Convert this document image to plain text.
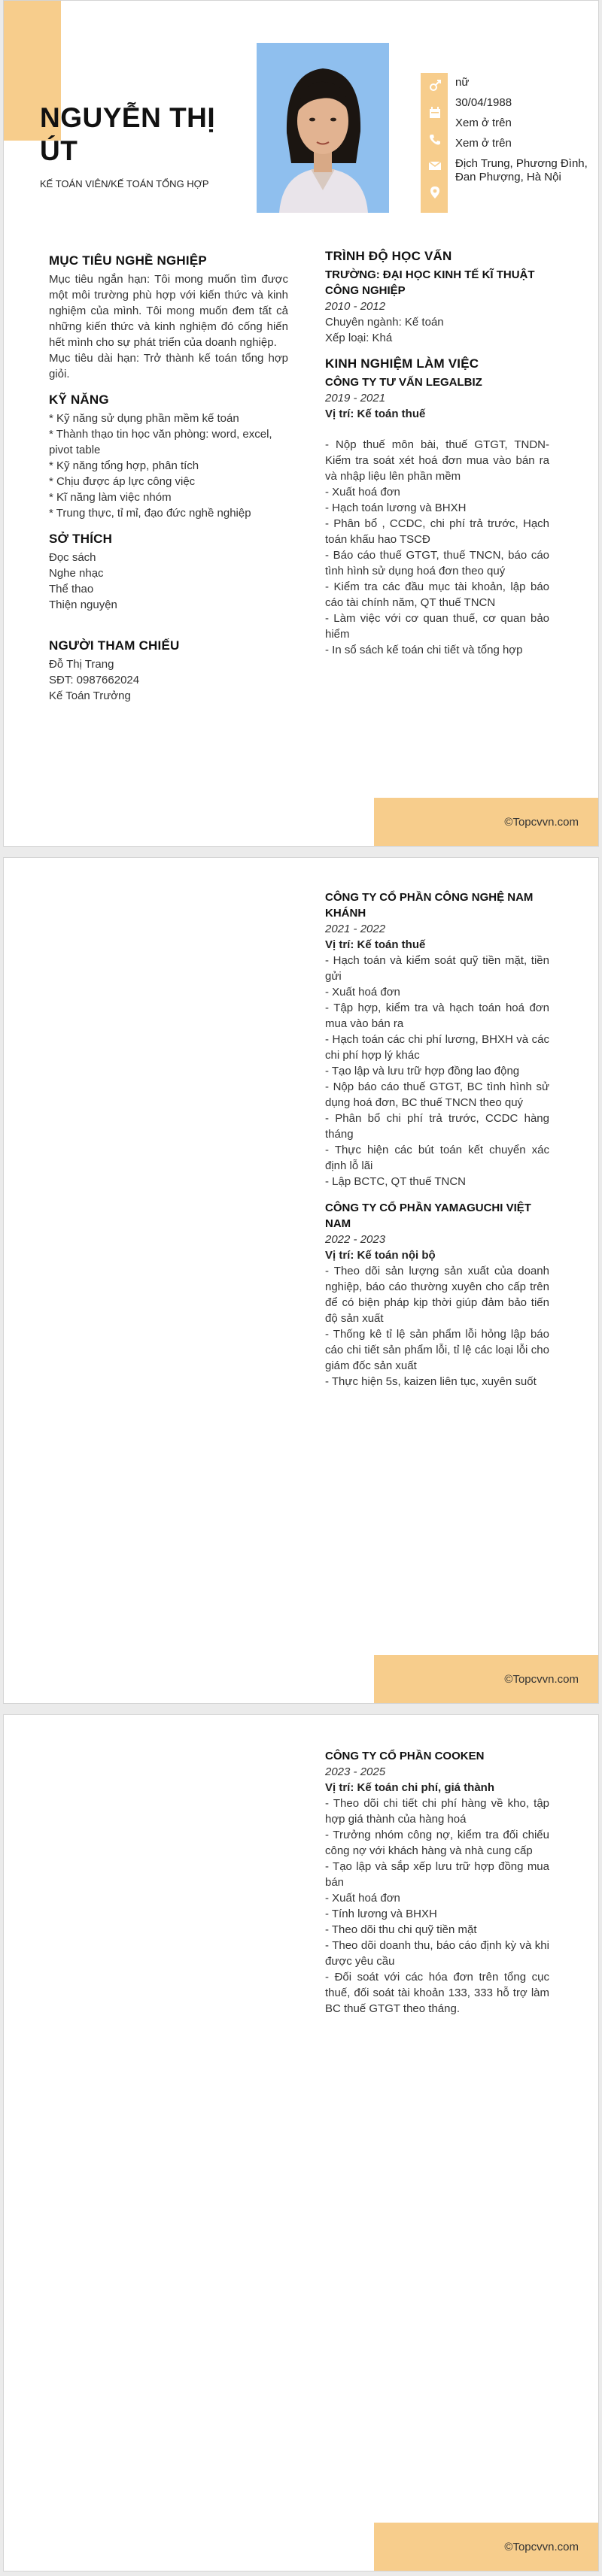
NGUYỄN THỊ ÚT
KẾ TOÁN VIÊN/KẾ TOÁN TỔNG HỢP
nữ
30/04/1988
Xem ở trên
Xem ở trên
Địch Trung, Phương Đình, Đan Phượng, Hà Nội
MỤC TIÊU NGHỀ NGHIỆP
Mục tiêu ngắn hạn: Tôi mong muốn tìm được một môi trường phù hợp với kiến thức và kinh nghiệm của mình. Tôi mong muốn đem tất cả những kiến thức và kinh nghiệm đó cống hiến hết mình cho sự phát triển của doanh nghiệp.
Mục tiêu dài hạn: Trở thành kế toán tổng hợp giỏi.
KỸ NĂNG
* Kỹ năng sử dụng phần mềm kế toán
* Thành thạo tin học văn phòng: word, excel, pivot table
* Kỹ năng tổng hợp, phân tích
* Chịu được áp lực công việc
* Kĩ năng làm việc nhóm
* Trung thực, tỉ mỉ, đạo đức nghề nghiệp
SỞ THÍCH
Đọc sách
Nghe nhạc
Thể thao
Thiện nguyện
NGƯỜI THAM CHIẾU
Đỗ Thị Trang
SĐT: 0987662024
Kế Toán Trưởng
TRÌNH ĐỘ HỌC VẤN
TRƯỜNG: ĐẠI HỌC KINH TẾ KĨ THUẬT CÔNG NGHIỆP
2010 - 2012
Chuyên ngành: Kế toán
Xếp loại: Khá
KINH NGHIỆM LÀM VIỆC
CÔNG TY TƯ VẤN LEGALBIZ
2019 - 2021
Vị trí: Kế toán thuế
- Nộp thuế môn bài, thuế GTGT, TNDN- Kiểm tra soát xét hoá đơn mua vào bán ra và nhập liệu lên phần mềm
- Xuất hoá đơn
- Hạch toán lương và BHXH
- Phân bổ , CCDC, chi phí trả trước, Hạch toán khấu hao TSCĐ
- Báo cáo thuế GTGT, thuế TNCN, báo cáo tình hình sử dụng hoá đơn theo quý
- Kiểm tra các đầu mục tài khoản, lập báo cáo tài chính năm, QT thuế TNCN
- Làm việc với cơ quan thuế, cơ quan bảo hiểm
- In sổ sách kế toán chi tiết và tổng hợp
©Topcvvn.com
CÔNG TY CỔ PHẦN CÔNG NGHỆ NAM KHÁNH
2021 - 2022
Vị trí: Kế toán thuế
- Hạch toán và kiểm soát quỹ tiền mặt, tiền gửi
- Xuất hoá đơn
- Tập hợp, kiểm tra và hạch toán hoá đơn mua vào bán ra
- Hạch toán các chi phí lương, BHXH và các chi phí hợp lý khác
- Tạo lập và lưu trữ hợp đồng lao động
- Nộp báo cáo thuế GTGT, BC tình hình sử dụng hoá đơn, BC thuế TNCN theo quý
- Phân bổ chi phí trả trước, CCDC hàng tháng
- Thực hiện các bút toán kết chuyển xác định lỗ lãi
- Lập BCTC, QT thuế TNCN
CÔNG TY CỔ PHẦN YAMAGUCHI VIỆT NAM
2022 - 2023
Vị trí: Kế toán nội bộ
- Theo dõi sản lượng sản xuất của doanh nghiệp, báo cáo thường xuyên cho cấp trên để có biện pháp kịp thời giúp đảm bảo tiến độ sản xuất
- Thống kê tỉ lệ sản phẩm lỗi hỏng lập báo cáo chi tiết sản phẩm lỗi, tỉ lệ các loại lỗi cho giám đốc sản xuất
- Thực hiện 5s, kaizen liên tục, xuyên suốt
©Topcvvn.com
CÔNG TY CỔ PHẦN COOKEN
2023 - 2025
Vị trí: Kế toán chi phí, giá thành
- Theo dõi chi tiết chi phí hàng về kho, tập hợp giá thành của hàng hoá
- Trưởng nhóm công nợ, kiểm tra đối chiếu công nợ với khách hàng và nhà cung cấp
- Tạo lập và sắp xếp lưu trữ hợp đồng mua bán
- Xuất hoá đơn
- Tính lương và BHXH
- Theo dõi thu chi quỹ tiền mặt
- Theo dõi doanh thu, báo cáo định kỳ và khi được yêu cầu
- Đối soát với các hóa đơn trên tổng cục thuế, đối soát tài khoản 133, 333 hỗ trợ làm BC thuế GTGT theo tháng.
©Topcvvn.com
